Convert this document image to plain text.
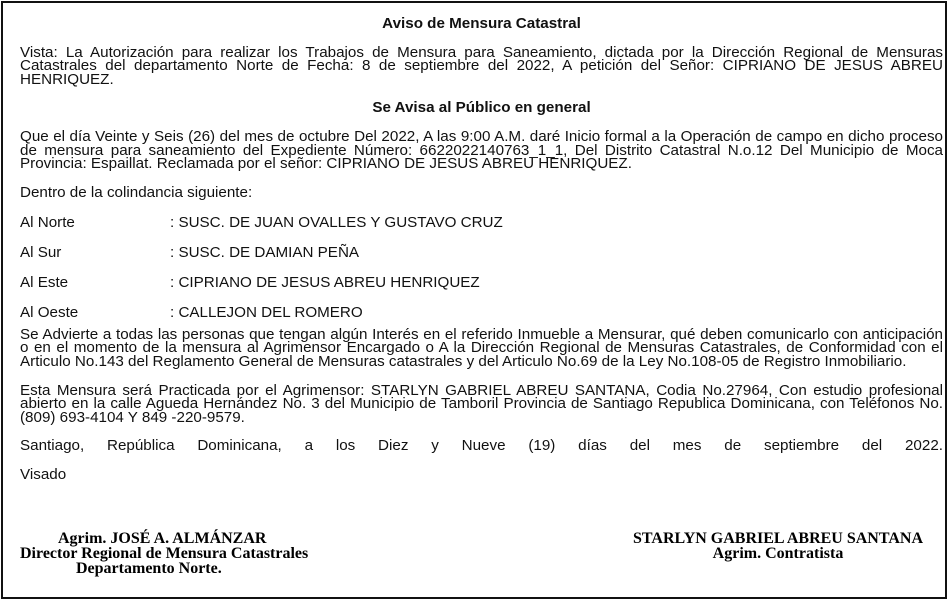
Aviso de Mensura Catastral

Vista: La Autorización para realizar los Trabajos de Mensura para Saneamiento, dictada por la Dirección Regional de Mensuras Catastrales del departamento Norte de Fecha: 8 de septiembre del 2022, A petición del Señor: CIPRIANO DE JESUS ABREU HENRIQUEZ.

Se Avisa al Público en general

Que el día Veinte y Seis (26) del mes de octubre Del 2022, A las 9:00 A.M. daré Inicio formal a la Operación de campo en dicho proceso de mensura para saneamiento del Expediente Número: 6622022140763_1_1, Del Distrito Catastral N.o.12 Del Municipio de Moca Provincia: Espaillat. Reclamada por el señor: CIPRIANO DE JESUS ABREU HENRIQUEZ.

Dentro de la colindancia siguiente:
Al Norte	: SUSC. DE JUAN OVALLES Y GUSTAVO CRUZ
Al Sur	: SUSC. DE DAMIAN PEÑA
Al Este	: CIPRIANO DE JESUS ABREU HENRIQUEZ
Al Oeste	: CALLEJON DEL ROMERO

Se Advierte a todas las personas que tengan algún Interés en el referido Inmueble a Mensurar, qué deben comunicarlo con anticipación o en el momento de la mensura al Agrimensor Encargado o A la Dirección Regional de Mensuras Catastrales, de Conformidad con el Articulo No.143 del Reglamento General de Mensuras catastrales y del Articulo No.69 de la Ley No.108-05 de Registro Inmobiliario.

Esta Mensura será Practicada por el Agrimensor: STARLYN GABRIEL ABREU SANTANA, Codia No.27964, Con estudio profesional abierto en la calle Agueda Hernández No. 3 del Municipio de Tamboril Provincia de Santiago Republica Dominicana, con Teléfonos No. (809) 693-4104 Y 849 -220-9579.

Santiago, República Dominicana, a los Diez y Nueve (19) días del mes de septiembre del 2022.

Visado
Agrim. JOSÉ A. ALMÁNZAR
Director Regional de Mensura Catastrales
Departamento Norte.
STARLYN GABRIEL ABREU SANTANA
Agrim. Contratista
